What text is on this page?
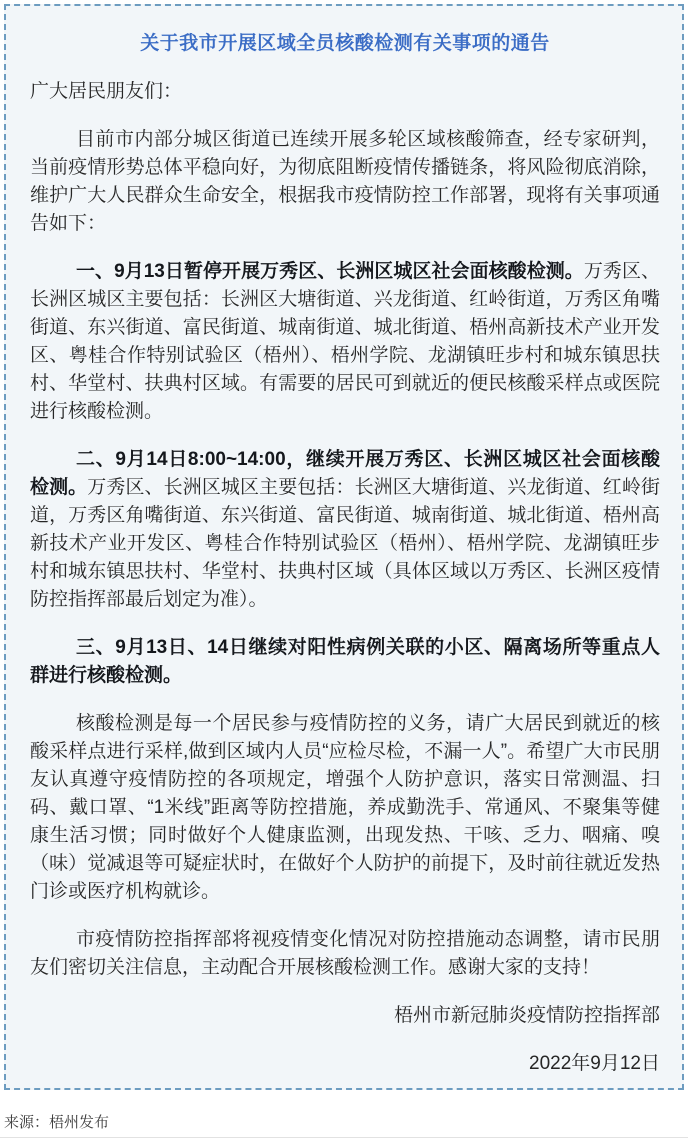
关于我市开展区域全员核酸检测有关事项的通告

广大居民朋友们：

目前市内部分城区街道已连续开展多轮区域核酸筛查，经专家研判，当前疫情形势总体平稳向好，为彻底阻断疫情传播链条，将风险彻底消除，维护广大人民群众生命安全，根据我市疫情防控工作部署，现将有关事项通告如下：

一、9月13日暂停开展万秀区、长洲区城区社会面核酸检测。万秀区、长洲区城区主要包括：长洲区大塘街道、兴龙街道、红岭街道，万秀区角嘴街道、东兴街道、富民街道、城南街道、城北街道、梧州高新技术产业开发区、粤桂合作特别试验区（梧州）、梧州学院、龙湖镇旺步村和城东镇思扶村、华堂村、扶典村区域。有需要的居民可到就近的便民核酸采样点或医院进行核酸检测。

二、9月14日8:00~14:00，继续开展万秀区、长洲区城区社会面核酸检测。万秀区、长洲区城区主要包括：长洲区大塘街道、兴龙街道、红岭街道，万秀区角嘴街道、东兴街道、富民街道、城南街道、城北街道、梧州高新技术产业开发区、粤桂合作特别试验区（梧州）、梧州学院、龙湖镇旺步村和城东镇思扶村、华堂村、扶典村区域（具体区域以万秀区、长洲区疫情防控指挥部最后划定为准）。

三、9月13日、14日继续对阳性病例关联的小区、隔离场所等重点人群进行核酸检测。

核酸检测是每一个居民参与疫情防控的义务，请广大居民到就近的核酸采样点进行采样,做到区域内人员“应检尽检，不漏一人”。希望广大市民朋友认真遵守疫情防控的各项规定，增强个人防护意识，落实日常测温、扫码、戴口罩、“1米线”距离等防控措施，养成勤洗手、常通风、不聚集等健康生活习惯；同时做好个人健康监测，出现发热、干咳、乏力、咽痛、嗅（味）觉减退等可疑症状时，在做好个人防护的前提下，及时前往就近发热门诊或医疗机构就诊。

市疫情防控指挥部将视疫情变化情况对防控措施动态调整，请市民朋友们密切关注信息，主动配合开展核酸检测工作。感谢大家的支持！

梧州市新冠肺炎疫情防控指挥部

2022年9月12日

来源：梧州发布
